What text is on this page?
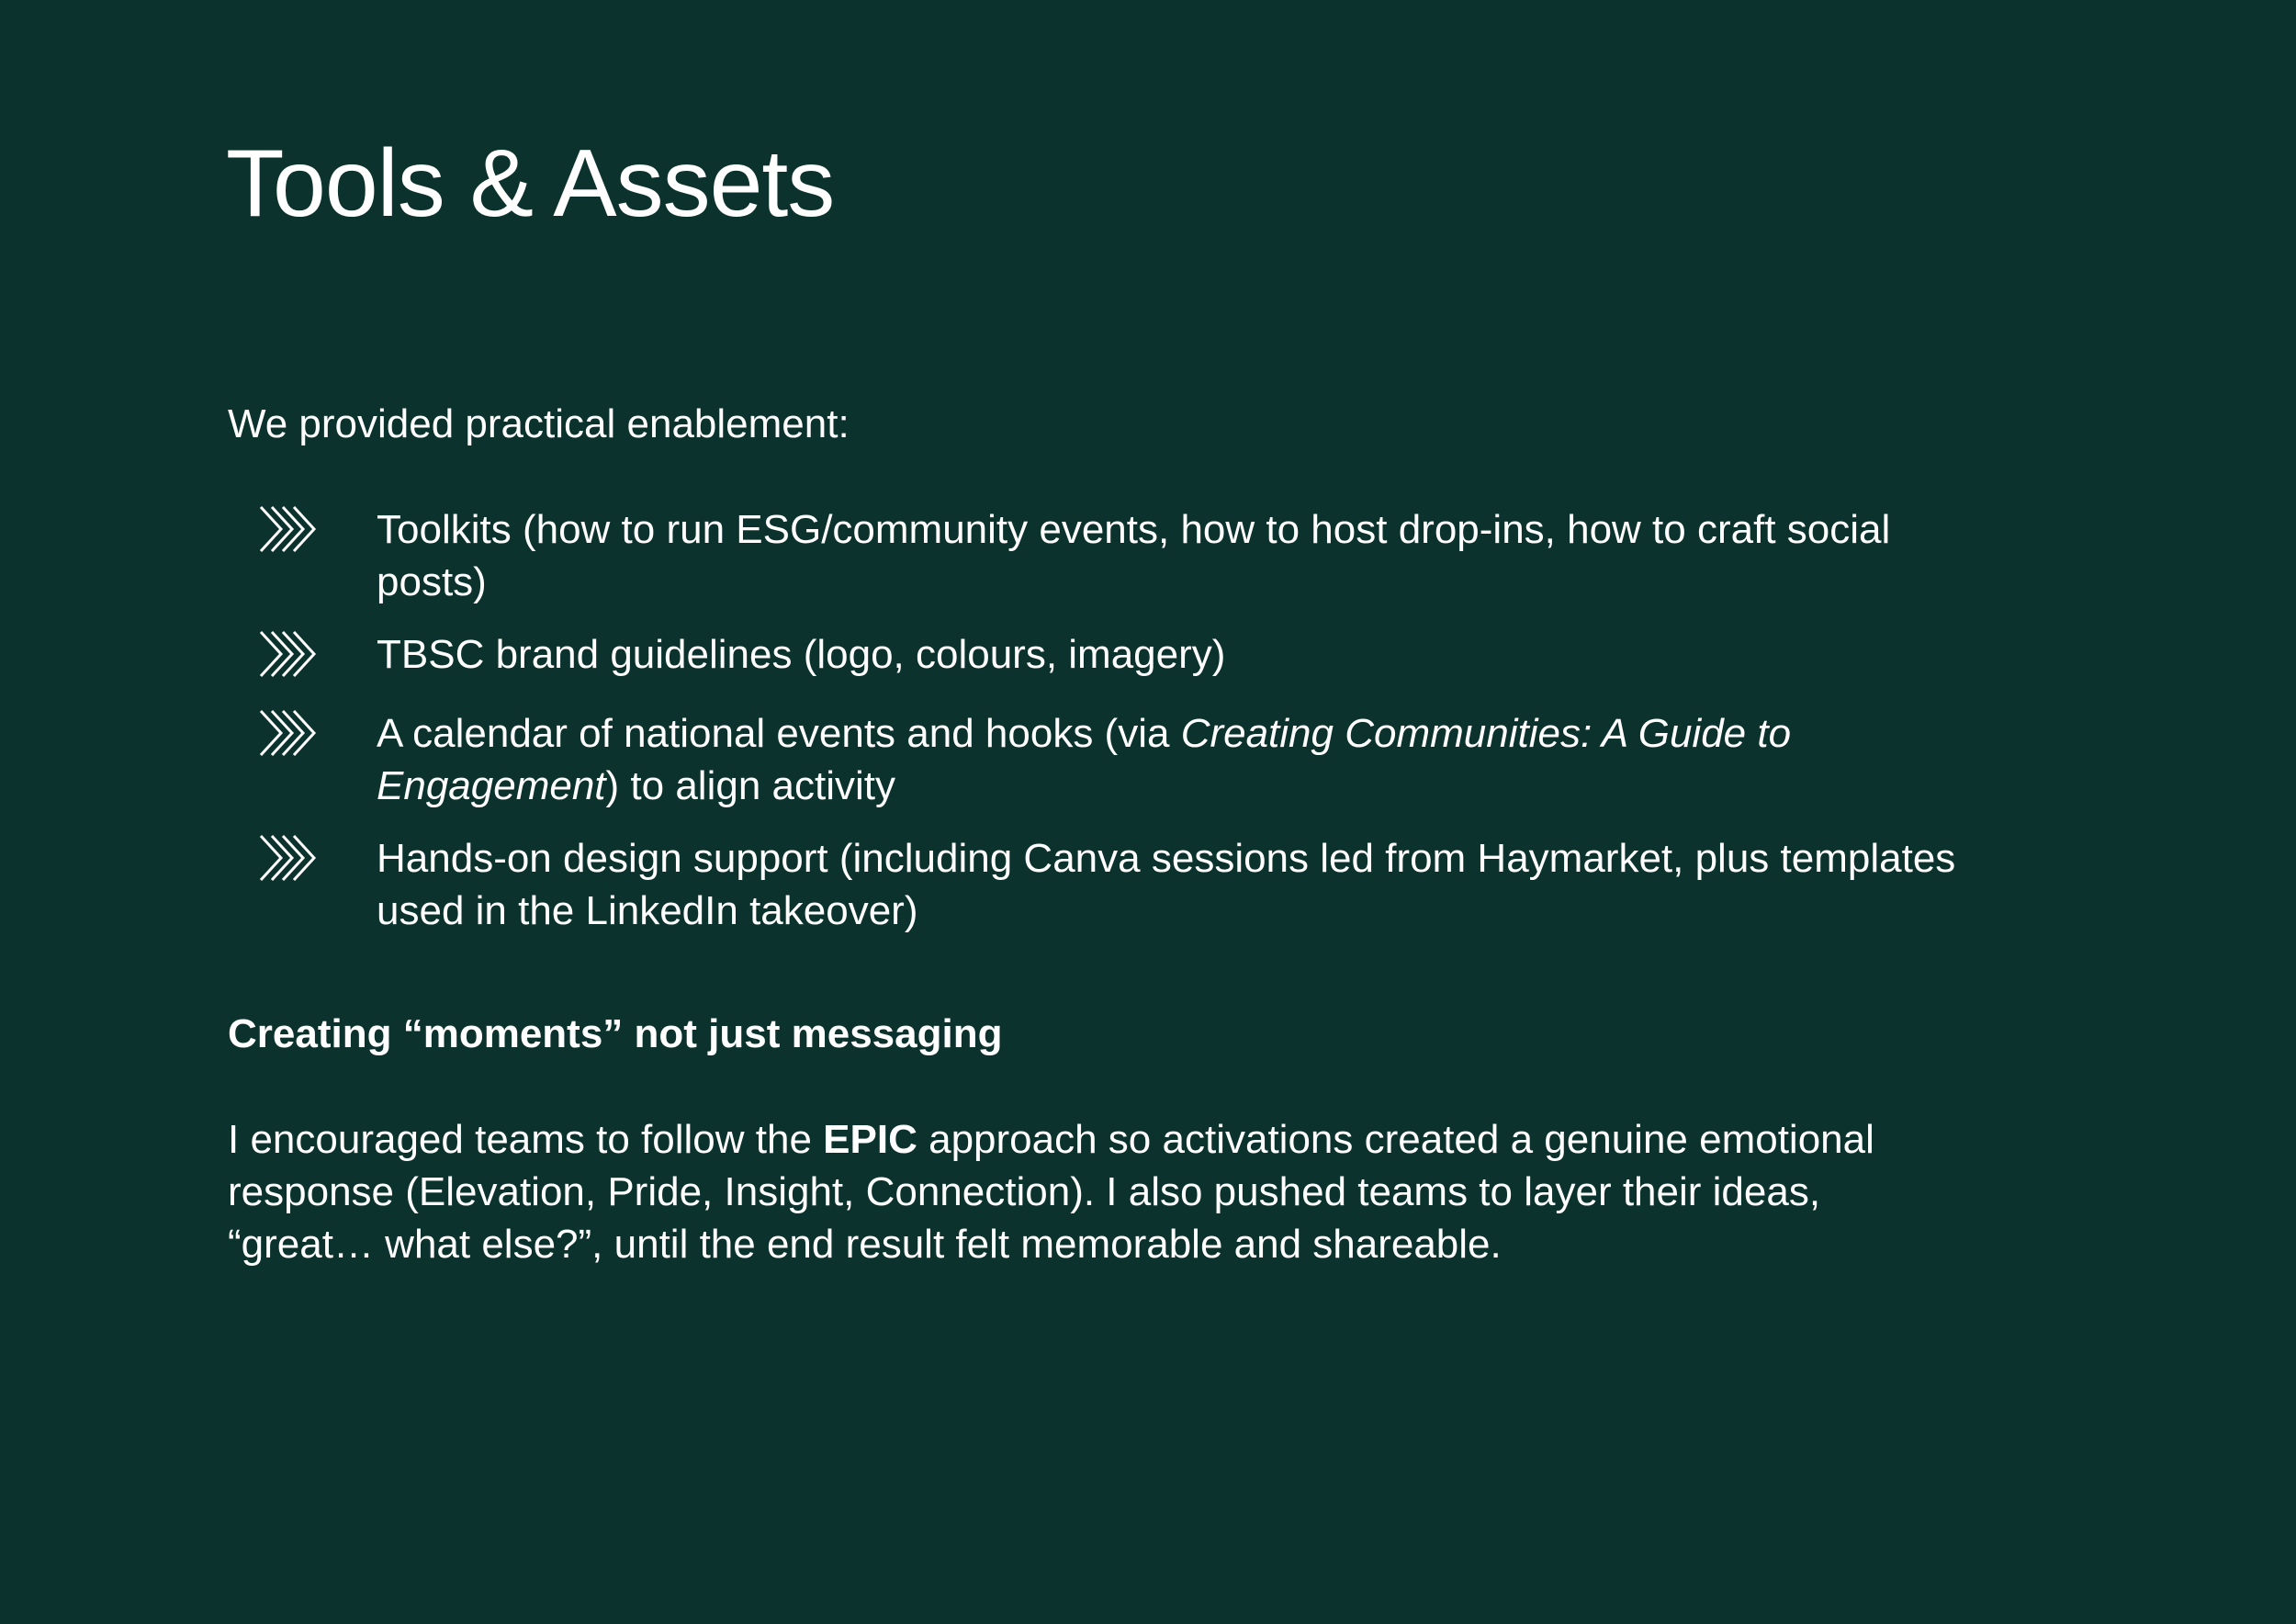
Tools & Assets

We provided practical enablement:

Toolkits (how to run ESG/community events, how to host drop-ins, how to craft social posts)
TBSC brand guidelines (logo, colours, imagery)
A calendar of national events and hooks (via Creating Communities: A Guide to Engagement) to align activity
Hands-on design support (including Canva sessions led from Haymarket, plus templates used in the LinkedIn takeover)
Creating “moments” not just messaging

I encouraged teams to follow the EPIC approach so activations created a genuine emotional response (Elevation, Pride, Insight, Connection). I also pushed teams to layer their ideas, “great… what else?”, until the end result felt memorable and shareable.
